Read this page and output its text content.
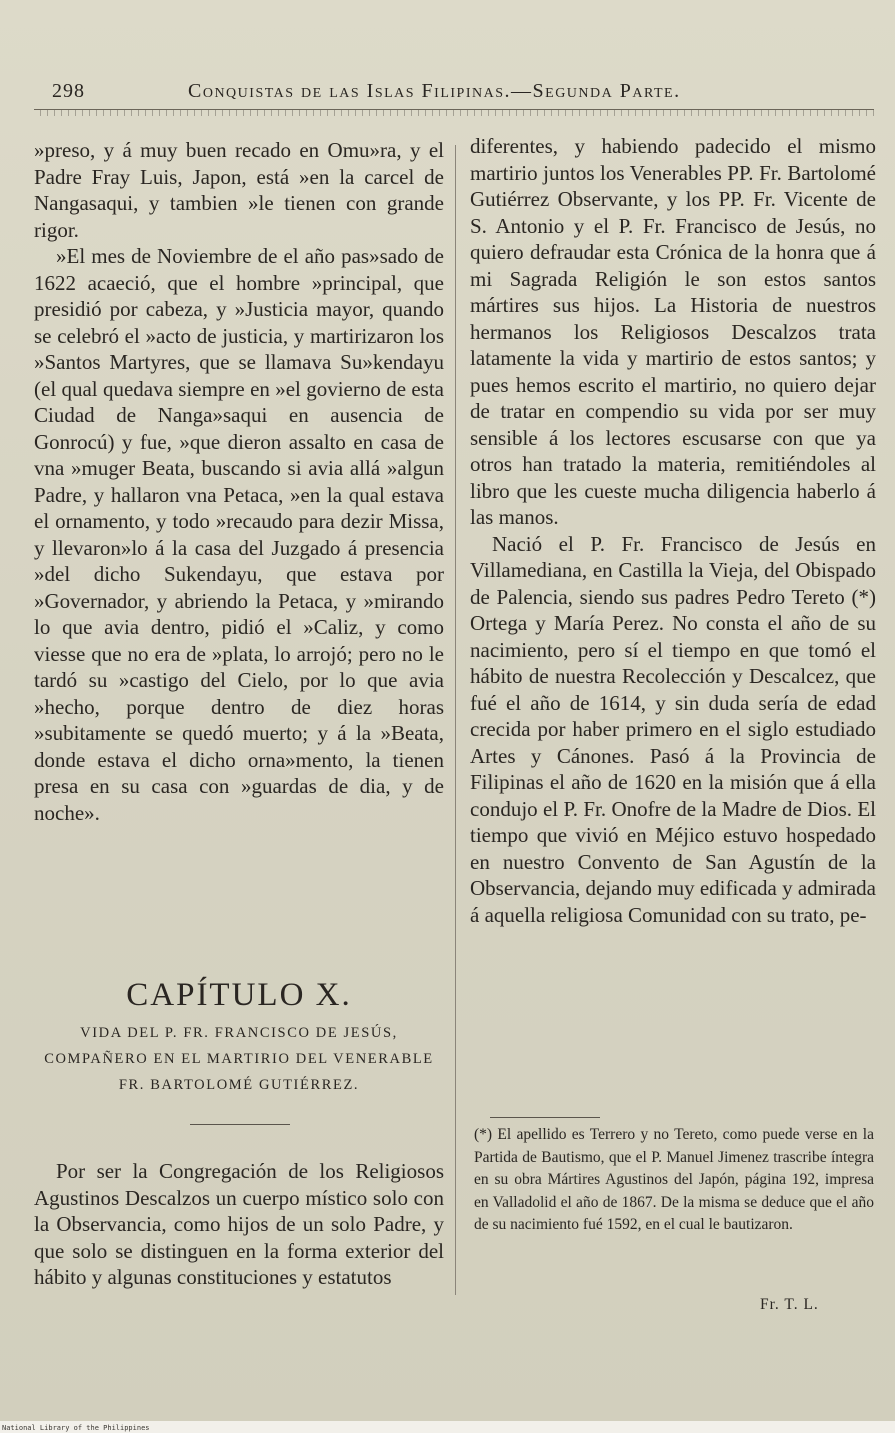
298	Conquistas de las Islas Filipinas.—Segunda Parte.

»preso, y á muy buen recado en Omu»ra, y el Padre Fray Luis, Japon, está »en la carcel de Nangasaqui, y tambien »le tienen con grande rigor.

»El mes de Noviembre de el año pas»sado de 1622 acaeció, que el hombre »principal, que presidió por cabeza, y »Justicia mayor, quando se celebró el »acto de justicia, y martirizaron los »Santos Martyres, que se llamava Su»kendayu (el qual quedava siempre en »el govierno de esta Ciudad de Nanga»saqui en ausencia de Gonrocú) y fue, »que dieron assalto en casa de vna »muger Beata, buscando si avia allá »algun Padre, y hallaron vna Petaca, »en la qual estava el ornamento, y todo »recaudo para dezir Missa, y llevaron»lo á la casa del Juzgado á presencia »del dicho Sukendayu, que estava por »Governador, y abriendo la Petaca, y »mirando lo que avia dentro, pidió el »Caliz, y como viesse que no era de »plata, lo arrojó; pero no le tardó su »castigo del Cielo, por lo que avia »hecho, porque dentro de diez horas »subitamente se quedó muerto; y á la »Beata, donde estava el dicho orna»mento, la tienen presa en su casa con »guardas de dia, y de noche».

CAPÍTULO X.
VIDA DEL P. FR. FRANCISCO DE JESÚS, COMPAÑERO EN EL MARTIRIO DEL VENERABLE FR. BARTOLOMÉ GUTIÉRREZ.

Por ser la Congregación de los Religiosos Agustinos Descalzos un cuerpo místico solo con la Observancia, como hijos de un solo Padre, y que solo se distinguen en la forma exterior del hábito y algunas constituciones y estatutos

diferentes, y habiendo padecido el mismo martirio juntos los Venerables PP. Fr. Bartolomé Gutiérrez Observante, y los PP. Fr. Vicente de S. Antonio y el P. Fr. Francisco de Jesús, no quiero defraudar esta Crónica de la honra que á mi Sagrada Religión le son estos santos mártires sus hijos. La Historia de nuestros hermanos los Religiosos Descalzos trata latamente la vida y martirio de estos santos; y pues hemos escrito el martirio, no quiero dejar de tratar en compendio su vida por ser muy sensible á los lectores escusarse con que ya otros han tratado la materia, remitiéndoles al libro que les cueste mucha diligencia haberlo á las manos.

Nació el P. Fr. Francisco de Jesús en Villamediana, en Castilla la Vieja, del Obispado de Palencia, siendo sus padres Pedro Tereto (*) Ortega y María Perez. No consta el año de su nacimiento, pero sí el tiempo en que tomó el hábito de nuestra Recolección y Descalcez, que fué el año de 1614, y sin duda sería de edad crecida por haber primero en el siglo estudiado Artes y Cánones. Pasó á la Provincia de Filipinas el año de 1620 en la misión que á ella condujo el P. Fr. Onofre de la Madre de Dios. El tiempo que vivió en Méjico estuvo hospedado en nuestro Convento de San Agustín de la Observancia, dejando muy edificada y admirada á aquella religiosa Comunidad con su trato, pe-

(*) El apellido es Terrero y no Tereto, como puede verse en la Partida de Bautismo, que el P. Manuel Jimenez trascribe íntegra en su obra Mártires Agustinos del Japón, página 192, impresa en Valladolid el año de 1867. De la misma se deduce que el año de su nacimiento fué 1592, en el cual le bautizaron.
Fr. T. L.
National Library of the Philippines
